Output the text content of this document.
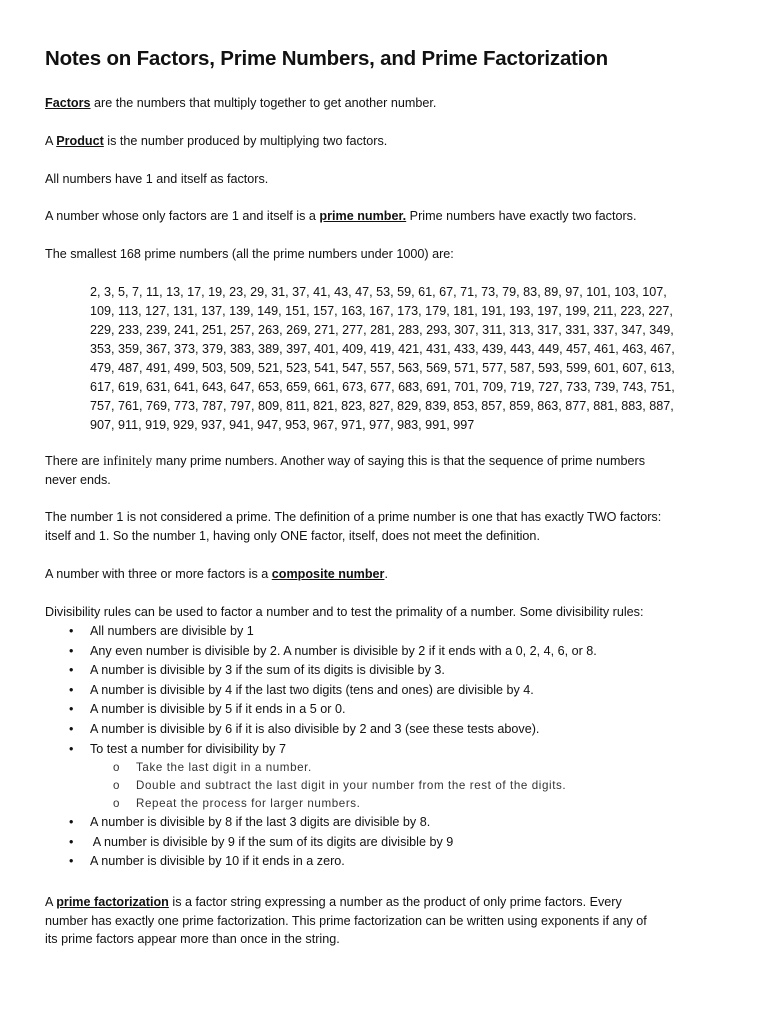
Notes on Factors, Prime Numbers, and Prime Factorization

Factors are the numbers that multiply together to get another number.

A Product is the number produced by multiplying two factors.

All numbers have 1 and itself as factors.

A number whose only factors are 1 and itself is a prime number. Prime numbers have exactly two factors.

The smallest 168 prime numbers (all the prime numbers under 1000) are:

2, 3, 5, 7, 11, 13, 17, 19, 23, 29, 31, 37, 41, 43, 47, 53, 59, 61, 67, 71, 73, 79, 83, 89, 97, 101, 103, 107,
109, 113, 127, 131, 137, 139, 149, 151, 157, 163, 167, 173, 179, 181, 191, 193, 197, 199, 211, 223, 227,
229, 233, 239, 241, 251, 257, 263, 269, 271, 277, 281, 283, 293, 307, 311, 313, 317, 331, 337, 347, 349,
353, 359, 367, 373, 379, 383, 389, 397, 401, 409, 419, 421, 431, 433, 439, 443, 449, 457, 461, 463, 467,
479, 487, 491, 499, 503, 509, 521, 523, 541, 547, 557, 563, 569, 571, 577, 587, 593, 599, 601, 607, 613,
617, 619, 631, 641, 643, 647, 653, 659, 661, 673, 677, 683, 691, 701, 709, 719, 727, 733, 739, 743, 751,
757, 761, 769, 773, 787, 797, 809, 811, 821, 823, 827, 829, 839, 853, 857, 859, 863, 877, 881, 883, 887,
907, 911, 919, 929, 937, 941, 947, 953, 967, 971, 977, 983, 991, 997

There are infinitely many prime numbers. Another way of saying this is that the sequence of prime numbers
never ends.

The number 1 is not considered a prime. The definition of a prime number is one that has exactly TWO factors:
itself and 1. So the number 1, having only ONE factor, itself, does not meet the definition.

A number with three or more factors is a composite number.

Divisibility rules can be used to factor a number and to test the primality of a number. Some divisibility rules:

• All numbers are divisible by 1
• Any even number is divisible by 2. A number is divisible by 2 if it ends with a 0, 2, 4, 6, or 8.
• A number is divisible by 3 if the sum of its digits is divisible by 3.
• A number is divisible by 4 if the last two digits (tens and ones) are divisible by 4.
• A number is divisible by 5 if it ends in a 5 or 0.
• A number is divisible by 6 if it is also divisible by 2 and 3 (see these tests above).
• To test a number for divisibility by 7
o Take the last digit in a number.
o Double and subtract the last digit in your number from the rest of the digits.
o Repeat the process for larger numbers.
• A number is divisible by 8 if the last 3 digits are divisible by 8.
• A number is divisible by 9 if the sum of its digits are divisible by 9
• A number is divisible by 10 if it ends in a zero.

A prime factorization is a factor string expressing a number as the product of only prime factors. Every
number has exactly one prime factorization. This prime factorization can be written using exponents if any of
its prime factors appear more than once in the string.
